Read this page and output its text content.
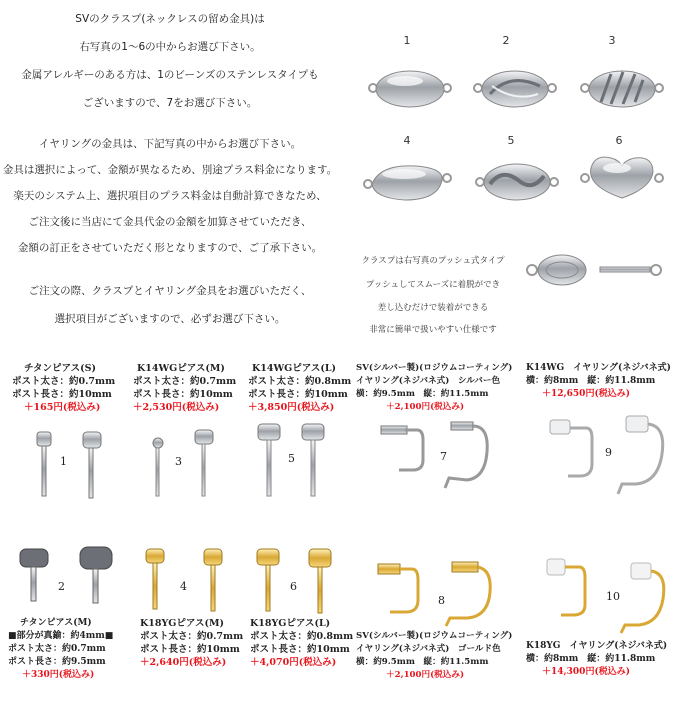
SVのクラスプ(ネックレスの留め金具)は

右写真の1〜6の中からお選び下さい。

金属アレルギーのある方は、1のビーンズのステンレスタイプも

ございますので、7をお選び下さい。

イヤリングの金具は、下記写真の中からお選び下さい。

金具は選択によって、金額が異なるため、別途プラス料金になります。

楽天のシステム上、選択項目のプラス料金は自動計算できなため、

ご注文後に当店にて金具代金の金額を加算させていただき、

金額の訂正をさせていただく形となりますので、ご了承下さい。

ご注文の際、クラスプとイヤリング金具をお選びいただく、

選択項目がございますので、必ずお選び下さい。

1	2	3
4	5	6

クラスプは右写真のプッシュ式タイプ

プッシュしてスムーズに着脱ができ

差し込むだけで装着ができる

非常に簡単で扱いやすい仕様です

チタンピアス(S)
ポスト太さ：約0.7mm
ポスト長さ：約10mm
＋165円(税込み)
K14WGピアス(M)
ポスト太さ：約0.7mm
ポスト長さ：約10mm
＋2,530円(税込み)
K14WGピアス(L)
ポスト太さ：約0.8mm
ポスト長さ：約10mm
＋3,850円(税込み)
SV(シルバー製)(ロジウムコーティング)
イヤリング(ネジバネ式)　シルバー色
横：約9.5mm　縦：約11.5mm
＋2,100円(税込み)
K14WG　イヤリング(ネジバネ式)
横：約8mm　縦：約11.8mm
＋12,650円(税込み)
1	3	5	7	9
2	4	6
8	10
チタンピアス(M)
■部分が真鍮：約4mm■
ポスト太さ：約0.7mm
ポスト長さ：約9.5mm
＋330円(税込み)
K18YGピアス(M)
ポスト太さ：約0.7mm
ポスト長さ：約10mm
＋2,640円(税込み)
K18YGピアス(L)
ポスト太さ：約0.8mm
ポスト長さ：約10mm
＋4,070円(税込み)
SV(シルバー製)(ロジウムコーティング)
イヤリング(ネジバネ式)　ゴールド色
横：約9.5mm　縦：約11.5mm
＋2,100円(税込み)
K18YG　イヤリング(ネジバネ式)
横：約8mm　縦：約11.8mm
＋14,300円(税込み)
